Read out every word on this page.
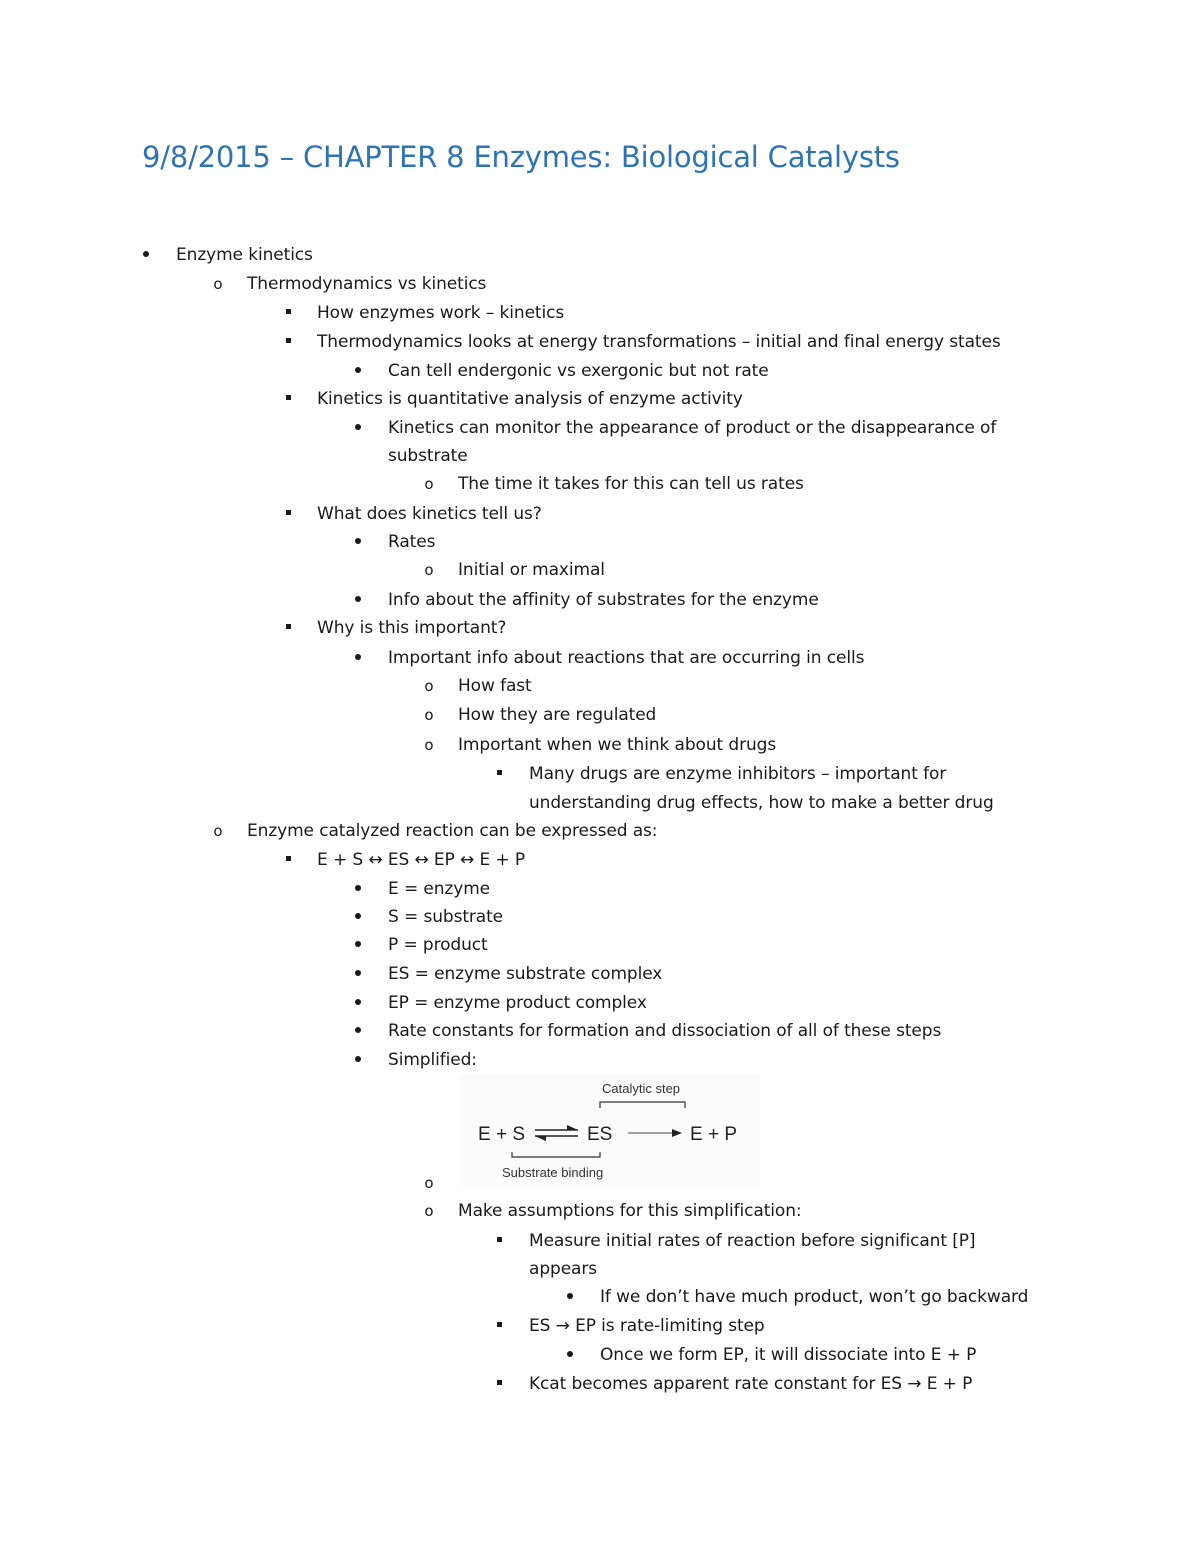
9/8/2015 – CHAPTER 8 Enzymes: Biological Catalysts
Enzyme kinetics
o Thermodynamics vs kinetics
How enzymes work – kinetics
Thermodynamics looks at energy transformations – initial and final energy states
Can tell endergonic vs exergonic but not rate
Kinetics is quantitative analysis of enzyme activity
Kinetics can monitor the appearance of product or the disappearance of
substrate
o The time it takes for this can tell us rates
What does kinetics tell us?
Rates
o Initial or maximal
Info about the affinity of substrates for the enzyme
Why is this important?
Important info about reactions that are occurring in cells
o How fast
o How they are regulated
o Important when we think about drugs
Many drugs are enzyme inhibitors – important for
understanding drug effects, how to make a better drug
o Enzyme catalyzed reaction can be expressed as:
E + S ↔ ES ↔ EP ↔ E + P
E = enzyme
S = substrate
P = product
ES = enzyme substrate complex
EP = enzyme product complex
Rate constants for formation and dissociation of all of these steps
Simplified:
Catalytic step
E + S	ES	E + P
Substrate binding
o
o Make assumptions for this simplification:
Measure initial rates of reaction before significant [P]
appears
If we don’t have much product, won’t go backward
ES → EP is rate-limiting step
Once we form EP, it will dissociate into E + P
Kcat becomes apparent rate constant for ES → E + P
